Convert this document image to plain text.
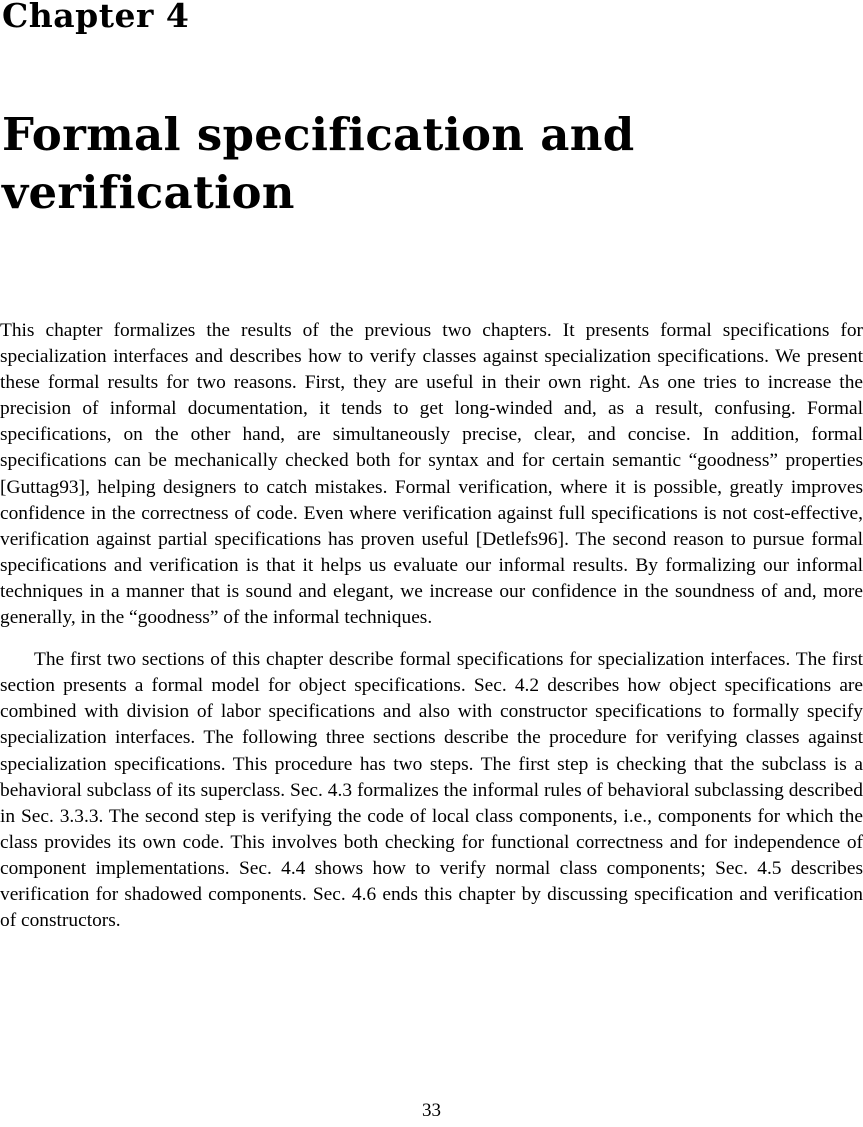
Chapter 4
Formal specification and
verification

This chapter formalizes the results of the previous two chapters. It presents formal specifications for specialization interfaces and describes how to verify classes against specialization specifications. We present these formal results for two reasons. First, they are useful in their own right. As one tries to increase the precision of informal documentation, it tends to get long-winded and, as a result, confusing. Formal specifications, on the other hand, are simultaneously precise, clear, and concise. In addition, formal specifications can be mechanically checked both for syntax and for certain semantic “goodness” properties [Guttag93], helping designers to catch mistakes. Formal verification, where it is possible, greatly improves confidence in the correctness of code. Even where verification against full specifications is not cost-effective, verification against partial specifications has proven useful [Detlefs96]. The second reason to pursue formal specifications and verification is that it helps us evaluate our informal results. By formalizing our informal techniques in a manner that is sound and elegant, we increase our confidence in the soundness of and, more generally, in the “goodness” of the informal techniques.

The first two sections of this chapter describe formal specifications for specialization interfaces. The first section presents a formal model for object specifications. Sec. 4.2 describes how object specifications are combined with division of labor specifications and also with constructor specifications to formally specify specialization interfaces. The following three sections describe the procedure for verifying classes against specialization specifications. This procedure has two steps. The first step is checking that the subclass is a behavioral subclass of its superclass. Sec. 4.3 formalizes the informal rules of behavioral subclassing described in Sec. 3.3.3. The second step is verifying the code of local class components, i.e., components for which the class provides its own code. This involves both checking for functional correctness and for independence of component implementations. Sec. 4.4 shows how to verify normal class components; Sec. 4.5 describes verification for shadowed components. Sec. 4.6 ends this chapter by discussing specification and verification of constructors.

33
